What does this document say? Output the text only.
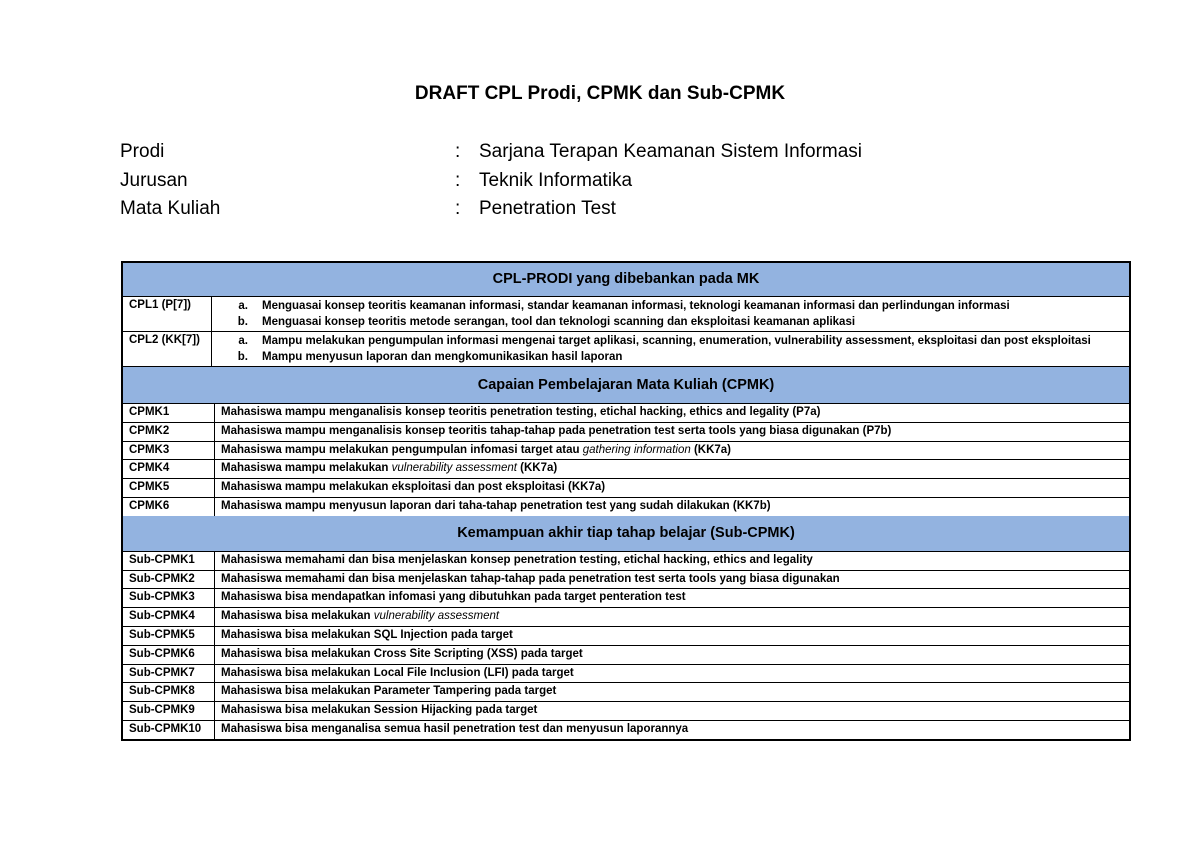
DRAFT CPL Prodi, CPMK dan Sub-CPMK
Prodi	: Sarjana Terapan Keamanan Sistem Informasi
Jurusan	: Teknik Informatika
Mata Kuliah	: Penetration Test
CPL-PRODI yang dibebankan pada MK
CPL1 (P[7])	a.	Menguasai konsep teoritis keamanan informasi, standar keamanan informasi, teknologi keamanan informasi dan perlindungan informasi
b.	Menguasai konsep teoritis metode serangan, tool dan teknologi scanning dan eksploitasi keamanan aplikasi
CPL2 (KK[7])	a.	Mampu melakukan pengumpulan informasi mengenai target aplikasi, scanning, enumeration, vulnerability assessment, eksploitasi dan post eksploitasi
b.	Mampu menyusun laporan dan mengkomunikasikan hasil laporan
Capaian Pembelajaran Mata Kuliah (CPMK)
CPMK1	Mahasiswa mampu menganalisis konsep teoritis penetration testing, etichal hacking, ethics and legality (P7a)
CPMK2	Mahasiswa mampu menganalisis konsep teoritis tahap-tahap pada penetration test serta tools yang biasa digunakan (P7b)
CPMK3	Mahasiswa mampu melakukan pengumpulan infomasi target atau gathering information (KK7a)
CPMK4	Mahasiswa mampu melakukan vulnerability assessment (KK7a)
CPMK5	Mahasiswa mampu melakukan eksploitasi dan post eksploitasi (KK7a)
CPMK6	Mahasiswa mampu menyusun laporan dari taha-tahap penetration test yang sudah dilakukan (KK7b)
Kemampuan akhir tiap tahap belajar (Sub-CPMK)
Sub-CPMK1	Mahasiswa memahami dan bisa menjelaskan konsep penetration testing, etichal hacking, ethics and legality
Sub-CPMK2	Mahasiswa memahami dan bisa menjelaskan tahap-tahap pada penetration test serta tools yang biasa digunakan
Sub-CPMK3	Mahasiswa bisa mendapatkan infomasi yang dibutuhkan pada target penteration test
Sub-CPMK4	Mahasiswa bisa melakukan vulnerability assessment
Sub-CPMK5	Mahasiswa bisa melakukan SQL Injection pada target
Sub-CPMK6	Mahasiswa bisa melakukan Cross Site Scripting (XSS) pada target
Sub-CPMK7	Mahasiswa bisa melakukan Local File Inclusion (LFI) pada target
Sub-CPMK8	Mahasiswa bisa melakukan Parameter Tampering pada target
Sub-CPMK9	Mahasiswa bisa melakukan Session Hijacking pada target
Sub-CPMK10	Mahasiswa bisa menganalisa semua hasil penetration test dan menyusun laporannya
